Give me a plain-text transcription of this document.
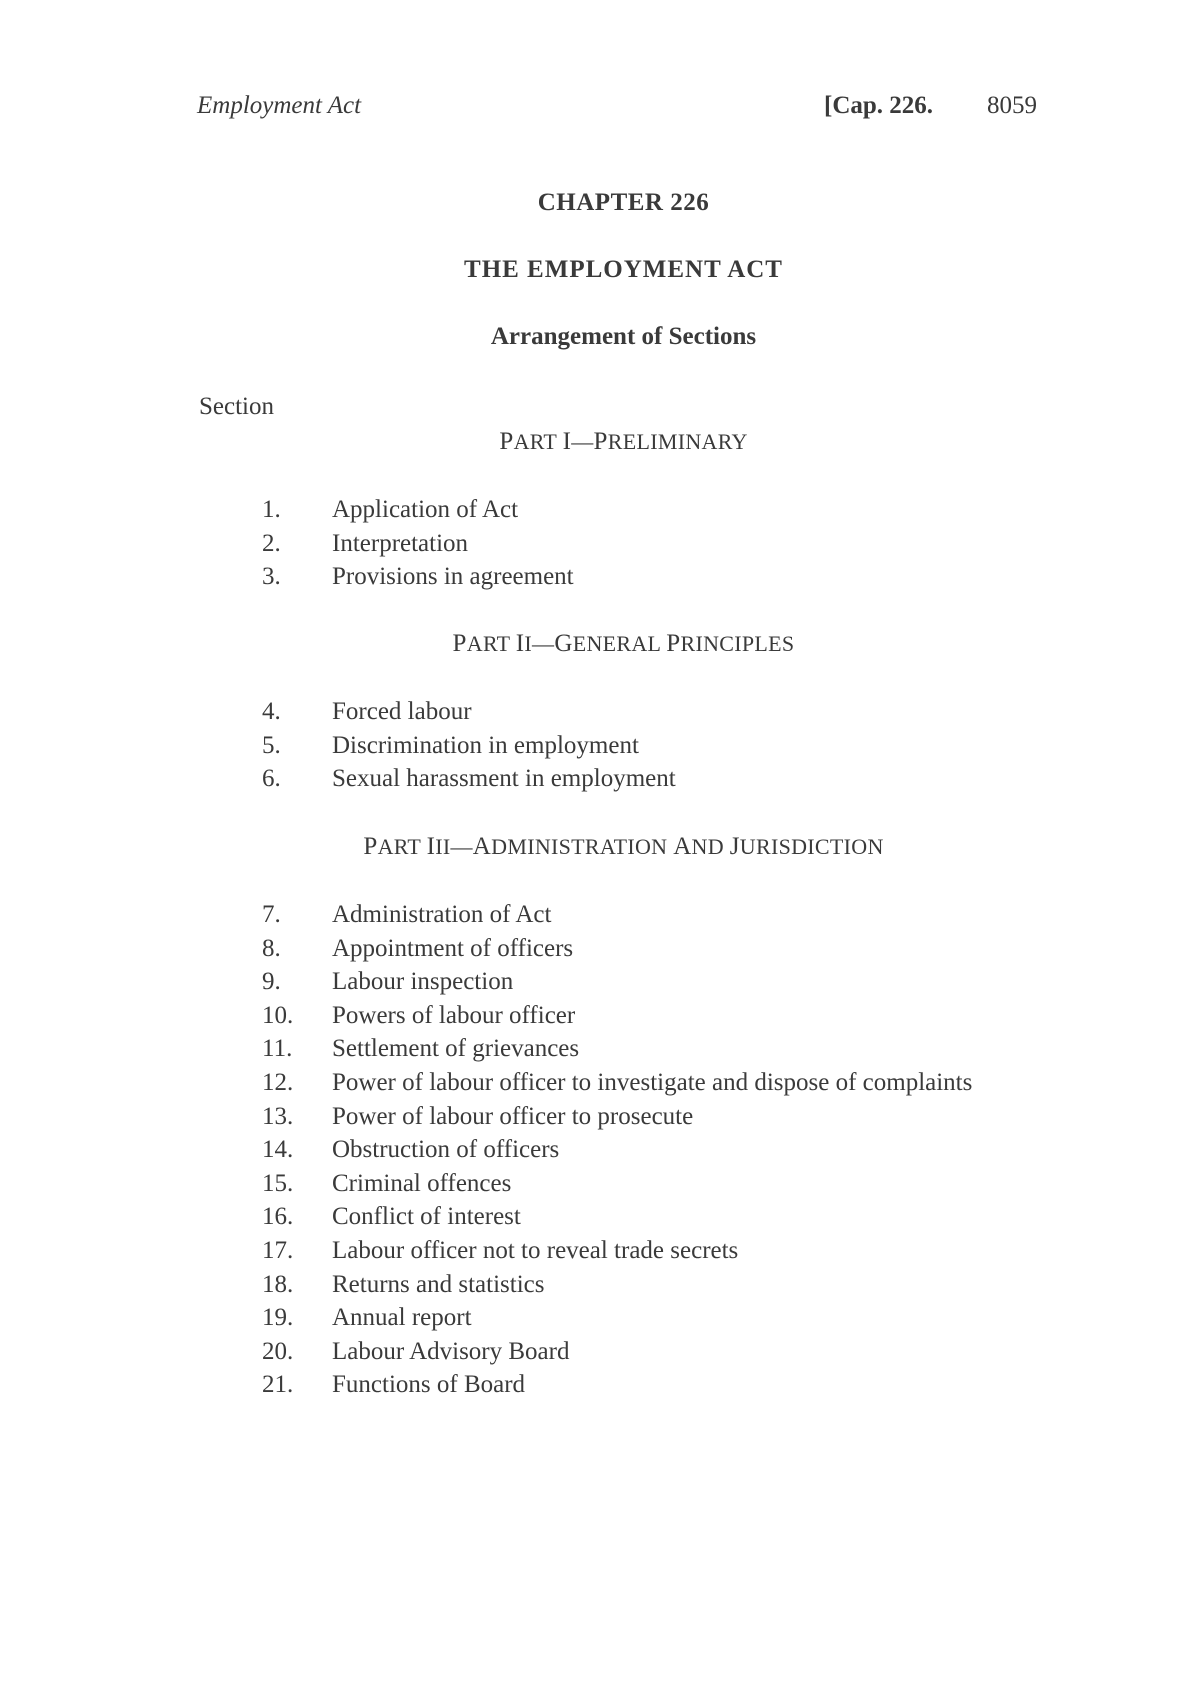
Employment Act	[Cap. 226. 8059
CHAPTER 226
THE EMPLOYMENT ACT
Arrangement of Sections
Section
PART I—PRELIMINARY
1.	Application of Act
2.	Interpretation
3.	Provisions in agreement
PART II—GENERAL PRINCIPLES
4.	Forced labour
5.	Discrimination in employment
6.	Sexual harassment in employment
PART III—ADMINISTRATION AND JURISDICTION
7.	Administration of Act
8.	Appointment of officers
9.	Labour inspection
10.	Powers of labour officer
11.	Settlement of grievances
12.	Power of labour officer to investigate and dispose of complaints
13.	Power of labour officer to prosecute
14.	Obstruction of officers
15.	Criminal offences
16.	Conflict of interest
17.	Labour officer not to reveal trade secrets
18.	Returns and statistics
19.	Annual report
20.	Labour Advisory Board
21.	Functions of Board
